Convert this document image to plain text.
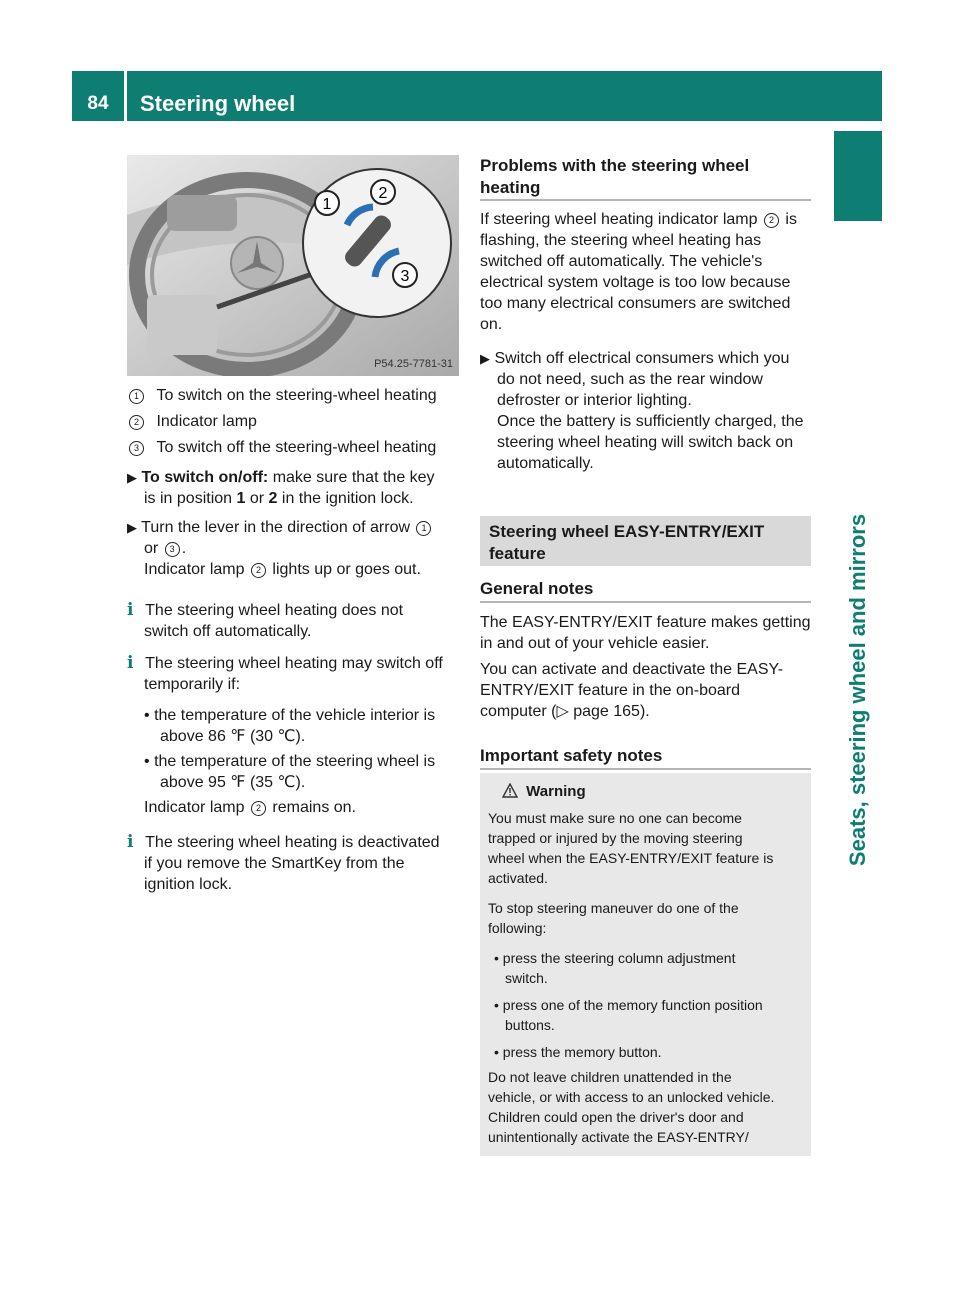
84	Steering wheel
Seats, steering wheel and mirrors
1
2
3
P54.25-7781-31
1 To switch on the steering-wheel heating
2 Indicator lamp
3 To switch off the steering-wheel heating
▶ To switch on/off: make sure that the key
is in position 1 or 2 in the ignition lock.
▶ Turn the lever in the direction of arrow 1
or 3 .
Indicator lamp 2 lights up or goes out.
i The steering wheel heating does not
switch off automatically.
i The steering wheel heating may switch off
temporarily if:
• the temperature of the vehicle interior is
above 86 ℉ (30 ℃).
• the temperature of the steering wheel is
above 95 ℉ (35 ℃).
Indicator lamp 2 remains on.
i The steering wheel heating is deactivated
if you remove the SmartKey from the
ignition lock.
Problems with the steering wheel
heating
If steering wheel heating indicator lamp 2 is
flashing, the steering wheel heating has
switched off automatically. The vehicle's
electrical system voltage is too low because
too many electrical consumers are switched
on.
▶ Switch off electrical consumers which you
do not need, such as the rear window
defroster or interior lighting.
Once the battery is sufficiently charged, the
steering wheel heating will switch back on
automatically.
Steering wheel EASY-ENTRY/EXIT
feature
General notes
The EASY-ENTRY/EXIT feature makes getting
in and out of your vehicle easier.
You can activate and deactivate the EASY-
ENTRY/EXIT feature in the on-board
computer (▷ page 165).
Important safety notes
Warning
You must make sure no one can become
trapped or injured by the moving steering
wheel when the EASY-ENTRY/EXIT feature is
activated.
To stop steering maneuver do one of the
following:
• press the steering column adjustment
switch.
• press one of the memory function position
buttons.
• press the memory button.
Do not leave children unattended in the
vehicle, or with access to an unlocked vehicle.
Children could open the driver's door and
unintentionally activate the EASY-ENTRY/
